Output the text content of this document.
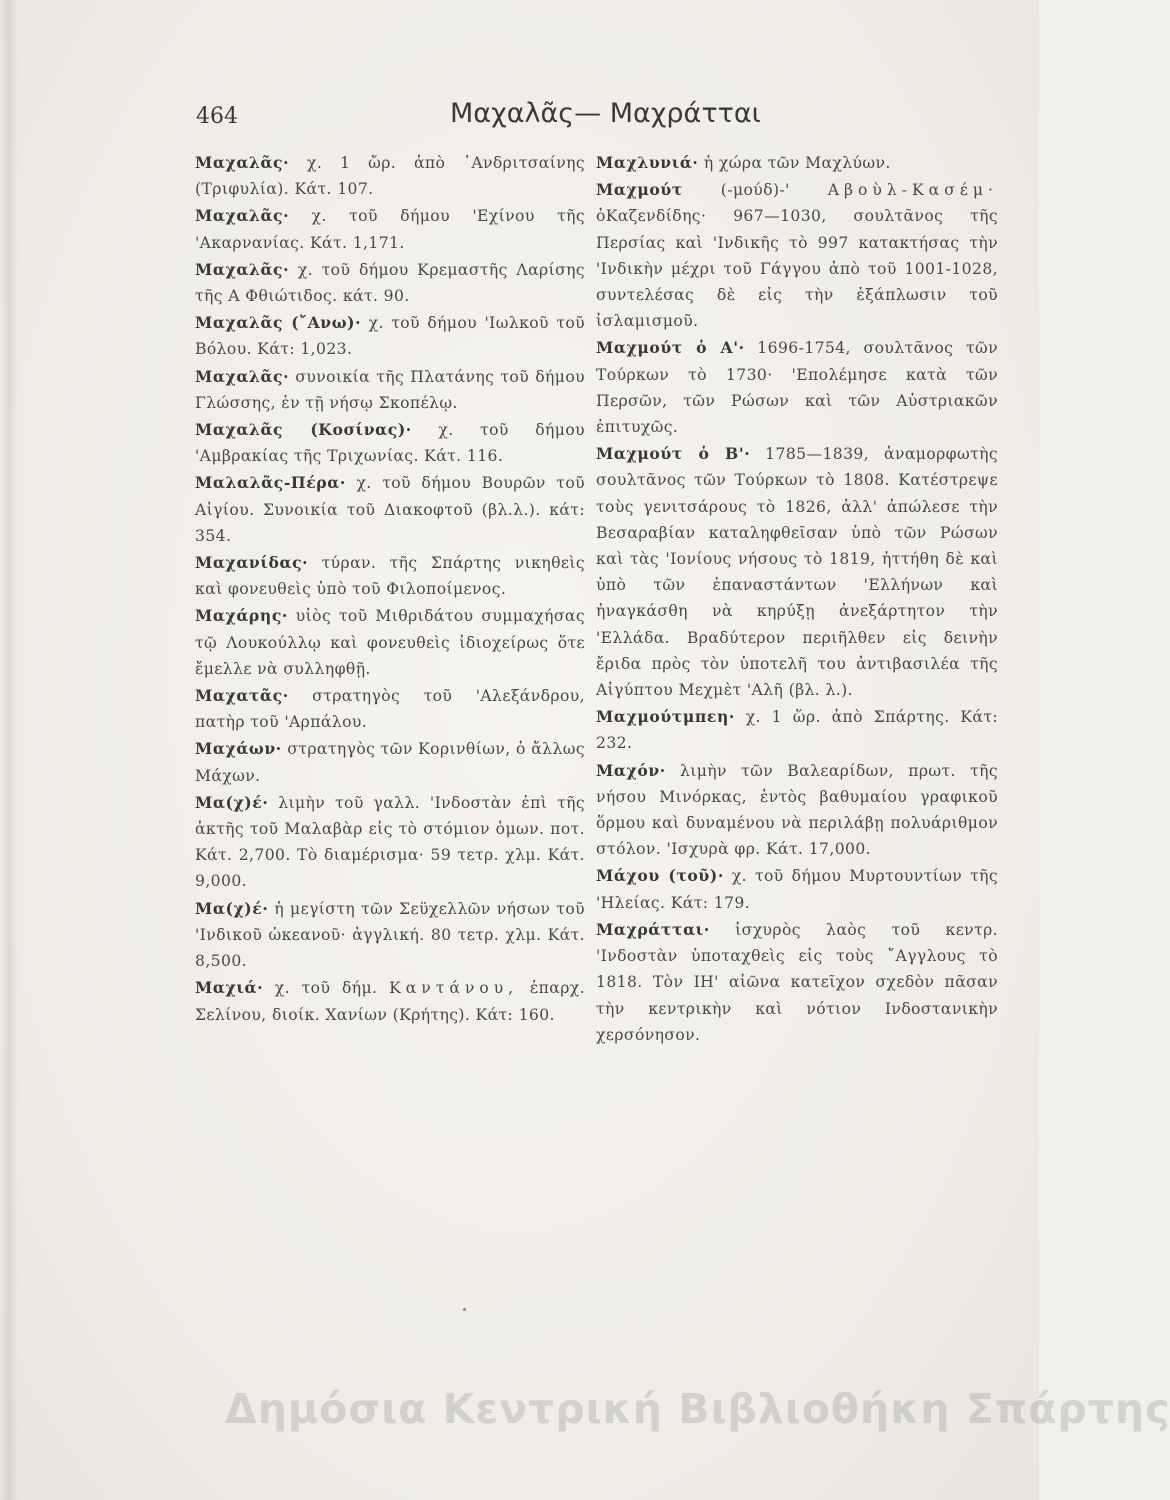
464	Μαχαλᾶς— Μαχράτται
Μαχαλᾶς· χ. 1 ὤρ. ἀπὸ ᾿Ανδριτσαίνης (Τριφυλία). Κάτ. 107.
Μαχαλᾶς· χ. τοῦ δήμου 'Εχίνου τῆς 'Ακαρνανίας. Κάτ. 1,171.
Μαχαλᾶς· χ. τοῦ δήμου Κρεμαστῆς Λαρίσης τῆς Α Φθιώτιδος. κάτ. 90.
Μαχαλᾶς (῎Ανω)· χ. τοῦ δήμου 'Ιωλκοῦ τοῦ Βόλου. Κάτ: 1,023.
Μαχαλᾶς· συνοικία τῆς Πλατάνης τοῦ δήμου Γλώσσης, ἐν τῇ νήσῳ Σκοπέλῳ.
Μαχαλᾶς (Κοσίνας)· χ. τοῦ δήμου 'Αμβρακίας τῆς Τριχωνίας. Κάτ. 116.
Μαλαλᾶς-Πέρα· χ. τοῦ δήμου Βουρῶν τοῦ Αἰγίου. Συνοικία τοῦ Διακοφτοῦ (βλ.λ.). κάτ: 354.
Μαχανίδας· τύραν. τῆς Σπάρτης νικηθεὶς καὶ φονευθεὶς ὑπὸ τοῦ Φιλοποίμενος.
Μαχάρης· υἱὸς τοῦ Μιθριδάτου συμμαχήσας τῷ Λουκούλλῳ καὶ φονευθεὶς ἰδιοχείρως ὅτε ἔμελλε νὰ συλληφθῇ.
Μαχατᾶς· στρατηγὸς τοῦ 'Αλεξάνδρου, πατὴρ τοῦ 'Αρπάλου.
Μαχάων· στρατηγὸς τῶν Κορινθίων, ὁ ἄλλως Μάχων.
Μα(χ)έ· λιμὴν τοῦ γαλλ. 'Ινδοστὰν ἐπὶ τῆς ἀκτῆς τοῦ Μαλαβὰρ εἰς τὸ στόμιον ὁμων. ποτ. Κάτ. 2,700. Τὸ διαμέρισμα· 59 τετρ. χλμ. Κάτ. 9,000.
Μα(χ)έ· ἡ μεγίστη τῶν Σεϋχελλῶν νήσων τοῦ 'Ινδικοῦ ὠκεανοῦ· ἀγγλική. 80 τετρ. χλμ. Κάτ. 8,500.
Μαχιά· χ. τοῦ δήμ. Καντάνου, ἐπαρχ. Σελίνου, διοίκ. Χανίων (Κρήτης). Κάτ: 160.
Μαχλυνιά· ἡ χώρα τῶν Μαχλύων.
Μαχμούτ (-μούδ)-' Αβοὺλ-Κασέμ· ὁΚαζενδίδης· 967—1030, σουλτᾶνος τῆς Περσίας καὶ 'Ινδικῆς τὸ 997 κατακτήσας τὴν 'Ινδικὴν μέχρι τοῦ Γάγγου ἀπὸ τοῦ 1001-1028, συντελέσας δὲ εἰς τὴν ἐξάπλωσιν τοῦ ἰσλαμισμοῦ.
Μαχμούτ ὁ Α'· 1696-1754, σουλτᾶνος τῶν Τούρκων τὸ 1730· 'Επολέμησε κατὰ τῶν Περσῶν, τῶν Ρώσων καὶ τῶν Αὐστριακῶν ἐπιτυχῶς.
Μαχμούτ ὁ Β'· 1785—1839, ἀναμορφωτὴς σουλτᾶνος τῶν Τούρκων τὸ 1808. Κατέστρεψε τοὺς γενιτσάρους τὸ 1826, ἀλλ' ἀπώλεσε τὴν Βεσαραβίαν καταληφθεῖσαν ὑπὸ τῶν Ρώσων καὶ τὰς 'Ιονίους νήσους τὸ 1819, ἡττήθη δὲ καὶ ὑπὸ τῶν ἐπαναστάντων 'Ελλήνων καὶ ἠναγκάσθη νὰ κηρύξῃ ἀνεξάρτητον τὴν 'Ελλάδα. Βραδύτερον περιῆλθεν εἰς δεινὴν ἔριδα πρὸς τὸν ὑποτελῆ του ἀντιβασιλέα τῆς Αἰγύπτου Μεχμὲτ 'Αλῆ (βλ. λ.).
Μαχμούτμπεη· χ. 1 ὥρ. ἀπὸ Σπάρτης. Κάτ: 232.
Μαχόν· λιμὴν τῶν Βαλεαρίδων, πρωτ. τῆς νήσου Μινόρκας, ἐντὸς βαθυμαίου γραφικοῦ ὅρμου καὶ δυναμένου νὰ περιλάβῃ πολυάριθμον στόλον. 'Ισχυρὰ φρ. Κάτ. 17,000.
Μάχου (τοῦ)· χ. τοῦ δήμου Μυρτουντίων τῆς 'Ηλείας. Κάτ: 179.
Μαχράτται· ἰσχυρὸς λαὸς τοῦ κεντρ. 'Ινδοστὰν ὑποταχθεὶς εἰς τοὺς ῎Αγγλους τὸ 1818. Τὸν ΙΗ' αἰῶνα κατεῖχον σχεδὸν πᾶσαν τὴν κεντρικὴν καὶ νότιον Ινδοστανικὴν χερσόνησον.
Δημόσια Κεντρική Βιβλιοθήκη Σπάρτης
